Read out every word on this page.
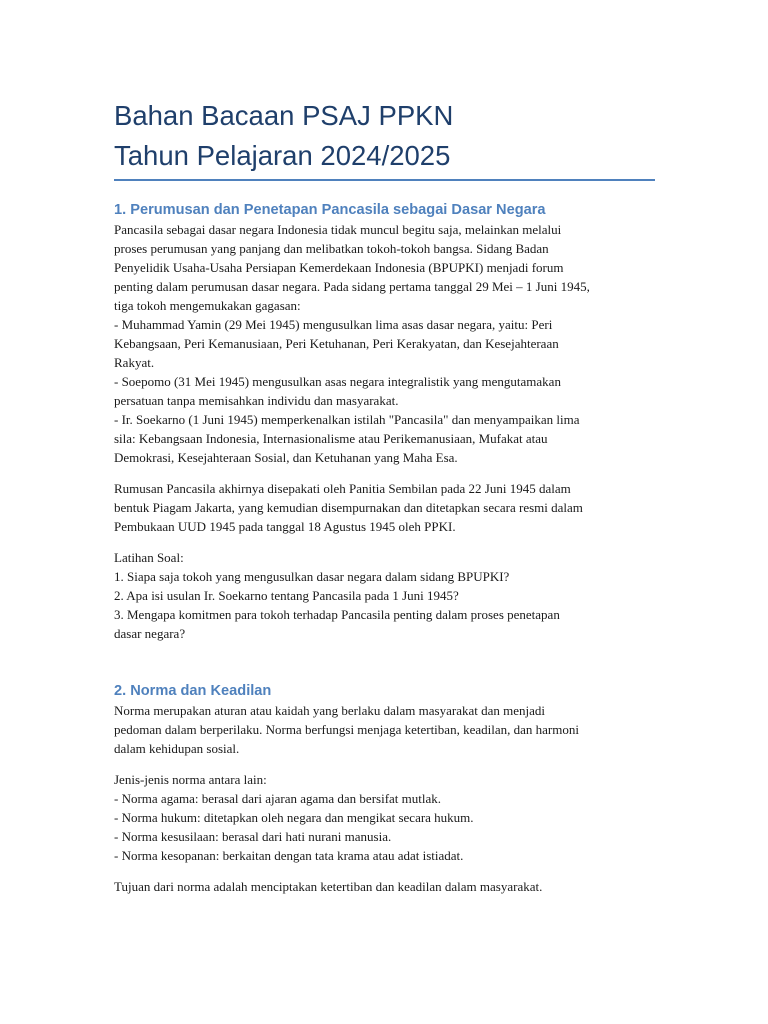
Bahan Bacaan PSAJ PPKN
Tahun Pelajaran 2024/2025
1. Perumusan dan Penetapan Pancasila sebagai Dasar Negara

Pancasila sebagai dasar negara Indonesia tidak muncul begitu saja, melainkan melalui
proses perumusan yang panjang dan melibatkan tokoh-tokoh bangsa. Sidang Badan
Penyelidik Usaha-Usaha Persiapan Kemerdekaan Indonesia (BPUPKI) menjadi forum
penting dalam perumusan dasar negara. Pada sidang pertama tanggal 29 Mei – 1 Juni 1945,
tiga tokoh mengemukakan gagasan:
- Muhammad Yamin (29 Mei 1945) mengusulkan lima asas dasar negara, yaitu: Peri
Kebangsaan, Peri Kemanusiaan, Peri Ketuhanan, Peri Kerakyatan, dan Kesejahteraan
Rakyat.
- Soepomo (31 Mei 1945) mengusulkan asas negara integralistik yang mengutamakan
persatuan tanpa memisahkan individu dan masyarakat.
- Ir. Soekarno (1 Juni 1945) memperkenalkan istilah "Pancasila" dan menyampaikan lima
sila: Kebangsaan Indonesia, Internasionalisme atau Perikemanusiaan, Mufakat atau
Demokrasi, Kesejahteraan Sosial, dan Ketuhanan yang Maha Esa.

Rumusan Pancasila akhirnya disepakati oleh Panitia Sembilan pada 22 Juni 1945 dalam
bentuk Piagam Jakarta, yang kemudian disempurnakan dan ditetapkan secara resmi dalam
Pembukaan UUD 1945 pada tanggal 18 Agustus 1945 oleh PPKI.

Latihan Soal:
1. Siapa saja tokoh yang mengusulkan dasar negara dalam sidang BPUPKI?
2. Apa isi usulan Ir. Soekarno tentang Pancasila pada 1 Juni 1945?
3. Mengapa komitmen para tokoh terhadap Pancasila penting dalam proses penetapan
dasar negara?

2. Norma dan Keadilan

Norma merupakan aturan atau kaidah yang berlaku dalam masyarakat dan menjadi
pedoman dalam berperilaku. Norma berfungsi menjaga ketertiban, keadilan, dan harmoni
dalam kehidupan sosial.

Jenis-jenis norma antara lain:
- Norma agama: berasal dari ajaran agama dan bersifat mutlak.
- Norma hukum: ditetapkan oleh negara dan mengikat secara hukum.
- Norma kesusilaan: berasal dari hati nurani manusia.
- Norma kesopanan: berkaitan dengan tata krama atau adat istiadat.

Tujuan dari norma adalah menciptakan ketertiban dan keadilan dalam masyarakat.
